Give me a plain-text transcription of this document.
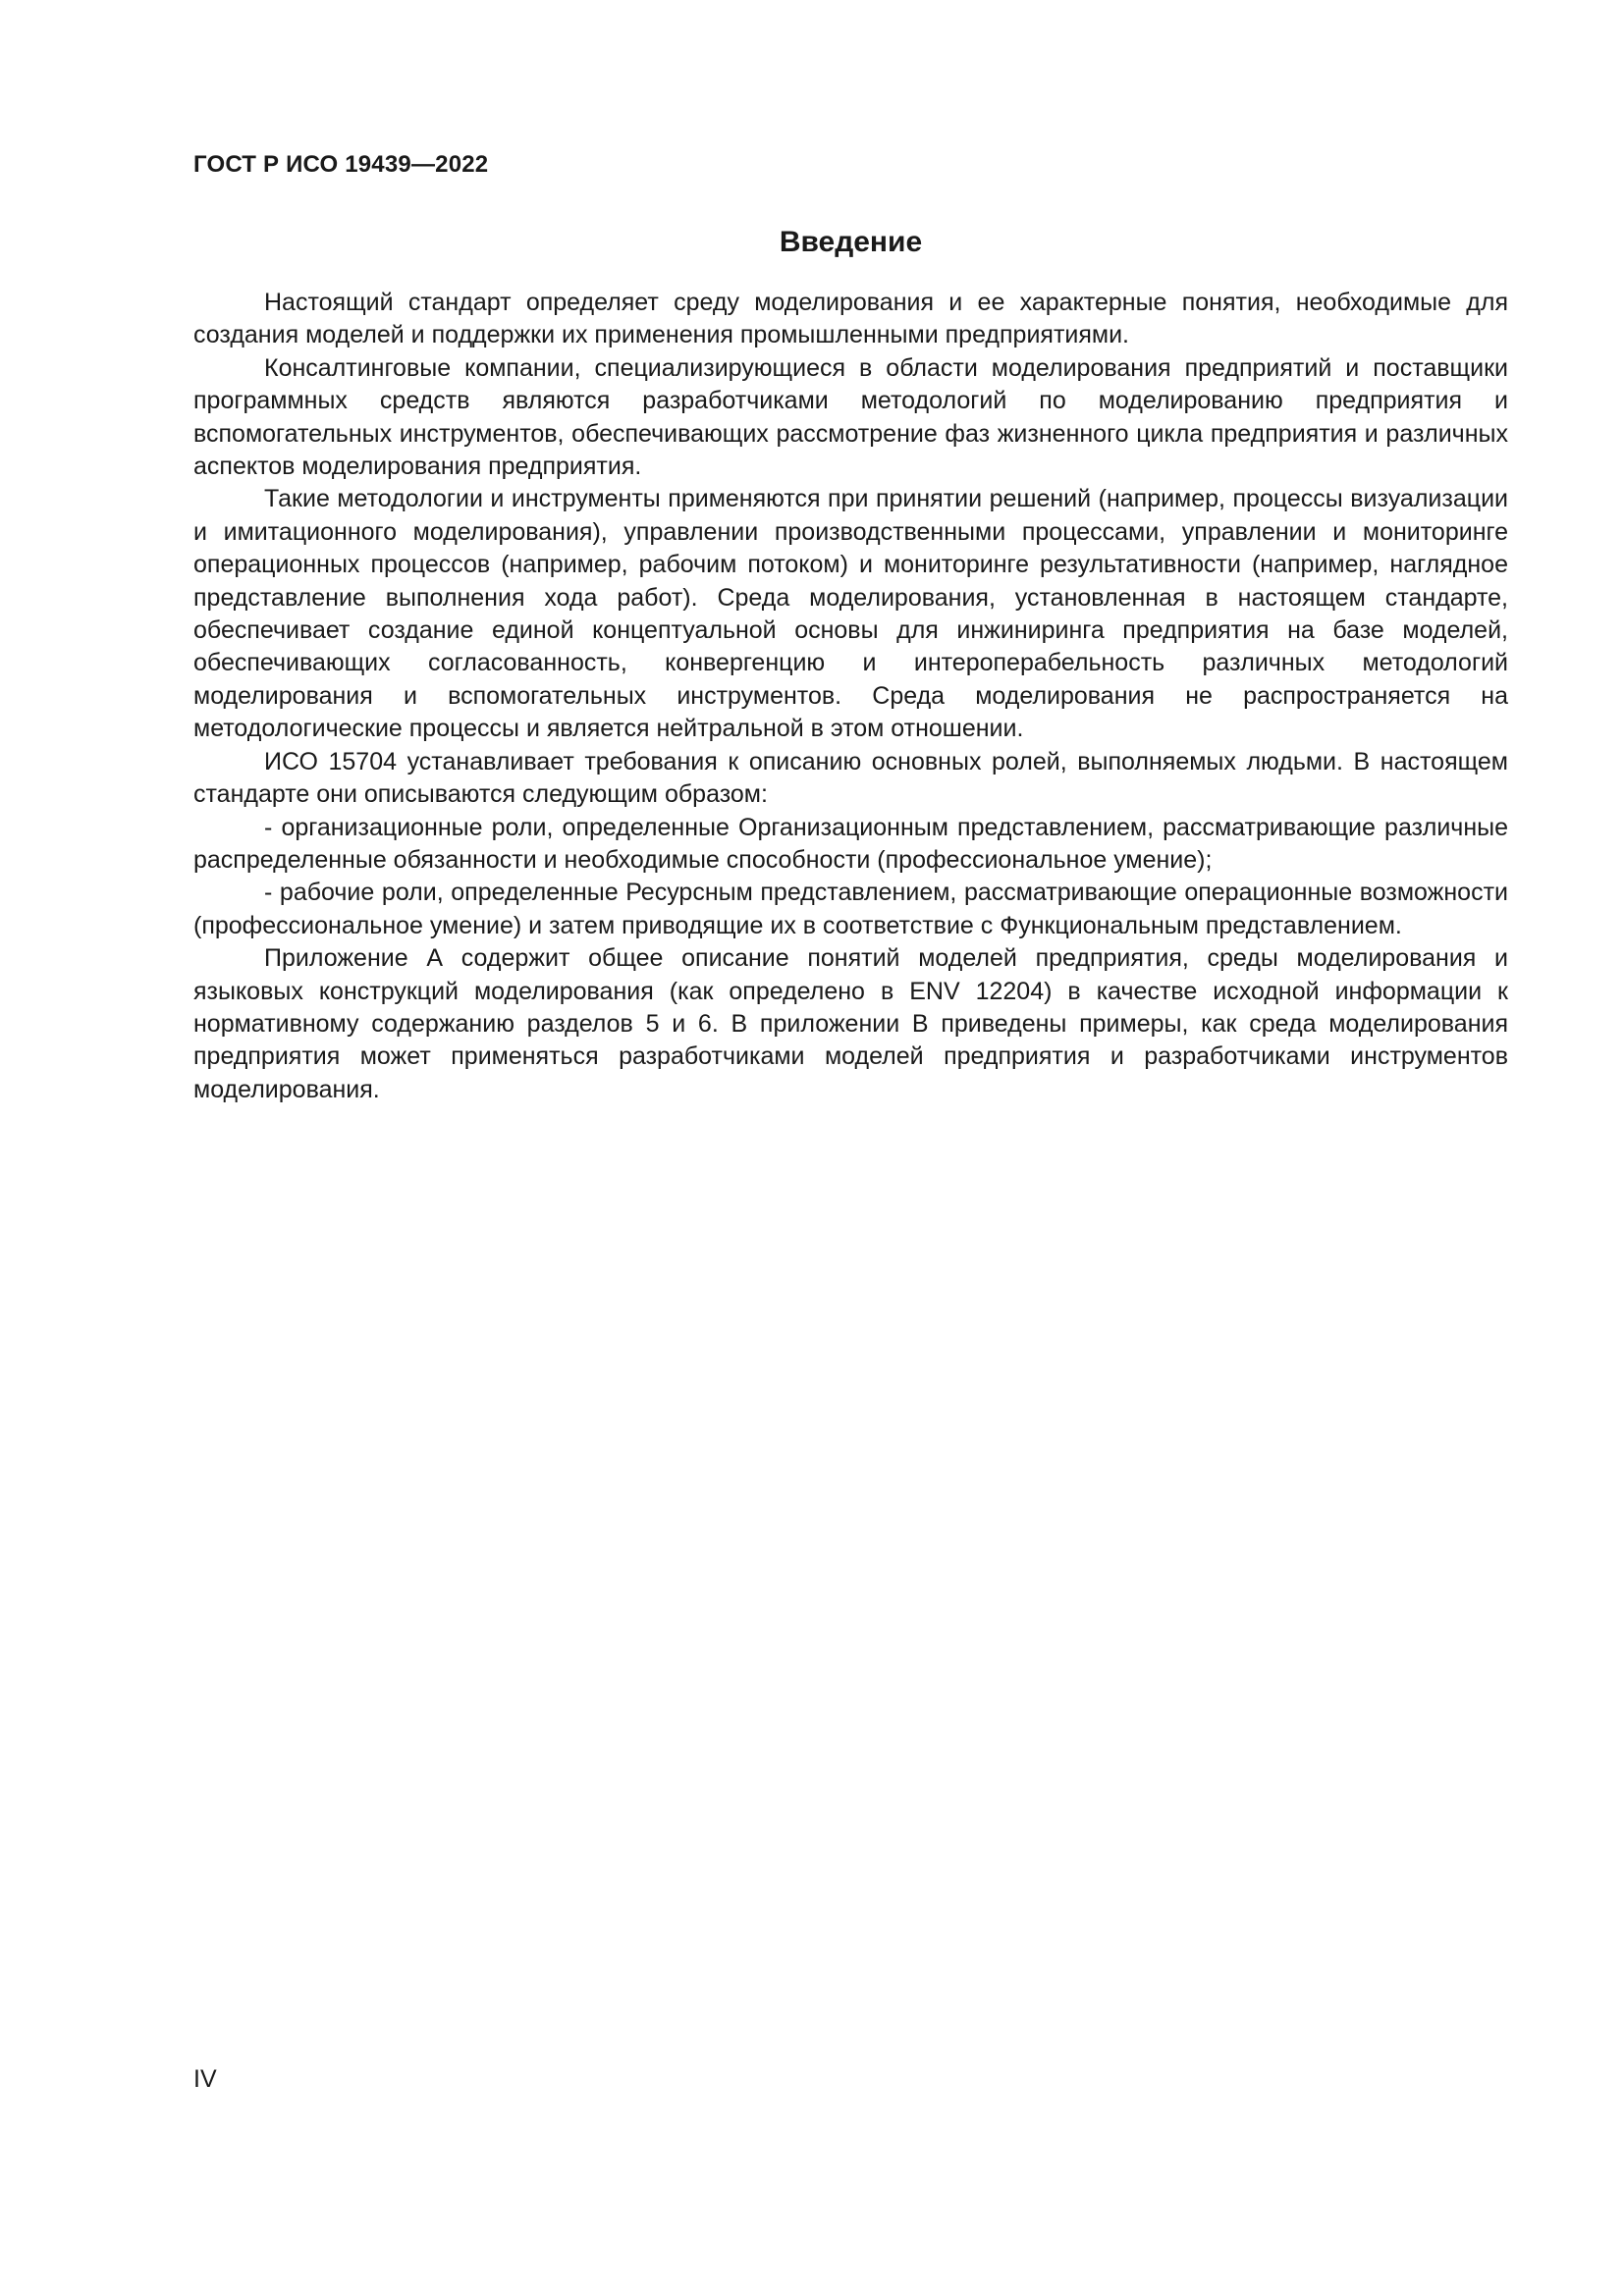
ГОСТ Р ИСО 19439—2022
Введение

Настоящий стандарт определяет среду моделирования и ее характерные понятия, необходимые для создания моделей и поддержки их применения промышленными предприятиями.

Консалтинговые компании, специализирующиеся в области моделирования предприятий и поставщики программных средств являются разработчиками методологий по моделированию предприятия и вспомогательных инструментов, обеспечивающих рассмотрение фаз жизненного цикла предприятия и различных аспектов моделирования предприятия.

Такие методологии и инструменты применяются при принятии решений (например, процессы визуализации и имитационного моделирования), управлении производственными процессами, управлении и мониторинге операционных процессов (например, рабочим потоком) и мониторинге результативности (например, наглядное представление выполнения хода работ). Среда моделирования, установленная в настоящем стандарте, обеспечивает создание единой концептуальной основы для инжиниринга предприятия на базе моделей, обеспечивающих согласованность, конвергенцию и интероперабельность различных методологий моделирования и вспомогательных инструментов. Среда моделирования не распространяется на методологические процессы и является нейтральной в этом отношении.

ИСО 15704 устанавливает требования к описанию основных ролей, выполняемых людьми. В настоящем стандарте они описываются следующим образом:

- организационные роли, определенные Организационным представлением, рассматривающие различные распределенные обязанности и необходимые способности (профессиональное умение);

- рабочие роли, определенные Ресурсным представлением, рассматривающие операционные возможности (профессиональное умение) и затем приводящие их в соответствие с Функциональным представлением.

Приложение А содержит общее описание понятий моделей предприятия, среды моделирования и языковых конструкций моделирования (как определено в ENV 12204) в качестве исходной информации к нормативному содержанию разделов 5 и 6. В приложении В приведены примеры, как среда моделирования предприятия может применяться разработчиками моделей предприятия и разработчиками инструментов моделирования.

IV
